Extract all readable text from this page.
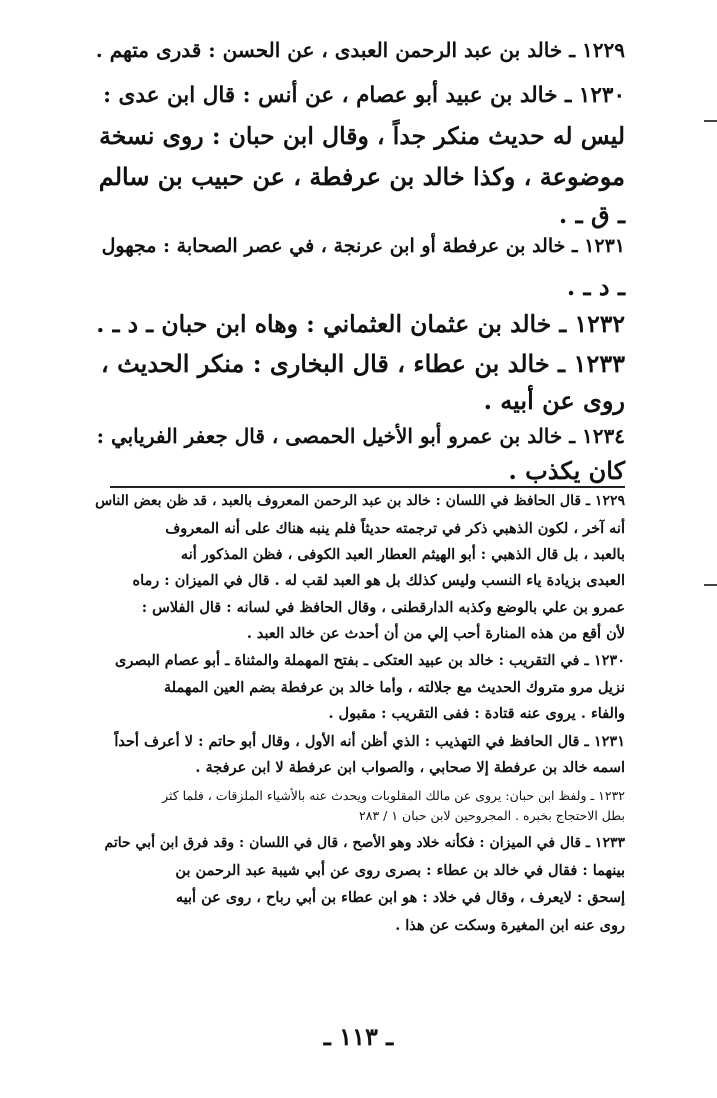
١٢٢٩ ـ خالد بن عبد الرحمن العبدى ، عن الحسن : قدرى متهم .
١٢٣٠ ـ خالد بن عبيد أبو عصام ، عن أنس : قال ابن عدى :
ليس له حديث منكر جداً ، وقال ابن حبان : روى نسخة
موضوعة ، وكذا خالد بن عرفطة ، عن حبيب بن سالم
ـ ق ـ .
١٢٣١ ـ خالد بن عرفطة أو ابن عرنجة ، في عصر الصحابة : مجهول
ـ د ـ .
١٢٣٢ ـ خالد بن عثمان العثماني : وهاه ابن حبان ـ د ـ .
١٢٣٣ ـ خالد بن عطاء ، قال البخارى : منكر الحديث ،
روى عن أبيه .
١٢٣٤ ـ خالد بن عمرو أبو الأخيل الحمصى ، قال جعفر الفريابي :
كان يكذب .
١٢٢٩ ـ قال الحافظ في اللسان : خالد بن عبد الرحمن المعروف بالعبد ، قد ظن بعض الناس
أنه آخر ، لكون الذهبي ذكر في ترجمته حديثاً فلم ينبه هناك على أنه المعروف
بالعبد ، بل قال الذهبي : أبو الهيثم العطار العبد الكوفى ، فظن المذكور أنه
العبدى بزيادة ياء النسب وليس كذلك بل هو العبد لقب له . قال في الميزان : رماه
عمرو بن علي بالوضع وكذبه الدارقطنى ، وقال الحافظ في لسانه : قال الفلاس :
لأن أقع من هذه المنارة أحب إلي من أن أحدث عن خالد العبد .
١٢٣٠ ـ في التقريب : خالد بن عبيد العتكى ـ بفتح المهملة والمثناة ـ أبو عصام البصرى
نزيل مرو متروك الحديث مع جلالته ، وأما خالد بن عرفطة بضم العين المهملة
والفاء . يروى عنه قتادة : ففى التقريب : مقبول .
١٢٣١ ـ قال الحافظ في التهذيب : الذي أظن أنه الأول ، وقال أبو حاتم : لا أعرف أحداً
اسمه خالد بن عرفطة إلا صحابي ، والصواب ابن عرفطة لا ابن عرفجة .
١٢٣٢ ـ ولفظ ابن حبان: يروى عن مالك المقلوبات ويحدث عنه بالأشياء الملزقات ، فلما كثر
بطل الاحتجاج بخبره . المجروحين لابن حبان ١ / ٢٨٣
١٢٣٣ ـ قال في الميزان : فكأنه خلاد وهو الأصح ، قال في اللسان : وقد فرق ابن أبي حاتم
بينهما : فقال في خالد بن عطاء : بصرى روى عن أبي شيبة عبد الرحمن بن
إسحق : لايعرف ، وقال في خلاد : هو ابن عطاء بن أبي رباح ، روى عن أبيه
روى عنه ابن المغيرة وسكت عن هذا .
ـ ١١٣ ـ
